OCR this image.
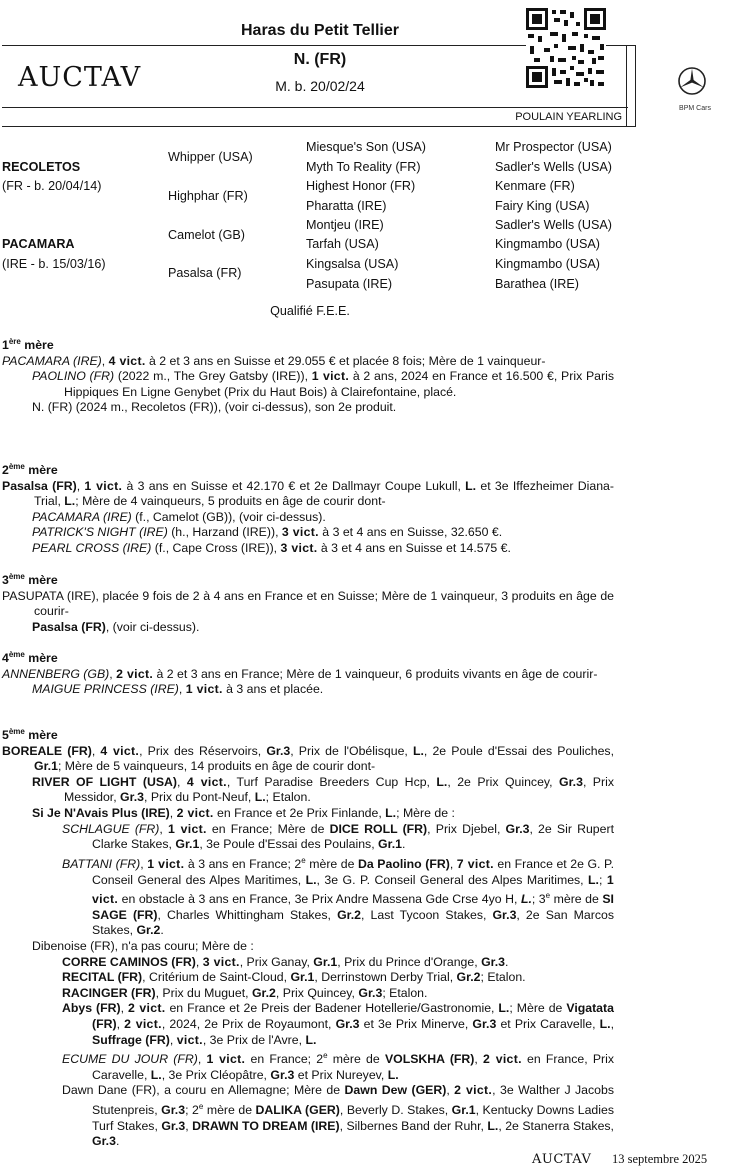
Haras du Petit Tellier
N. (FR)
M. b. 20/02/24
AUCTAV
POULAIN YEARLING
BPM Cars
RECOLETOS
(FR - b. 20/04/14)
PACAMARA
(IRE - b. 15/03/16)
Whipper (USA)
Highphar (FR)
Camelot (GB)
Pasalsa (FR)
Miesque's Son (USA)
Myth To Reality (FR)
Highest Honor (FR)
Pharatta (IRE)
Montjeu (IRE)
Tarfah (USA)
Kingsalsa (USA)
Pasupata (IRE)
Mr Prospector (USA)
Sadler's Wells (USA)
Kenmare (FR)
Fairy King (USA)
Sadler's Wells (USA)
Kingmambo (USA)
Kingmambo (USA)
Barathea (IRE)
Qualifié F.E.E.
1ère mère

PACAMARA (IRE), 4 vict. à 2 et 3 ans en Suisse et 29.055 € et placée 8 fois; Mère de 1 vainqueur-

PAOLINO (FR) (2022 m., The Grey Gatsby (IRE)), 1 vict. à 2 ans, 2024 en France et 16.500 €, Prix Paris Hippiques En Ligne Genybet (Prix du Haut Bois) à Clairefontaine, placé.

N. (FR) (2024 m., Recoletos (FR)), (voir ci-dessus), son 2e produit.

2ème mère

Pasalsa (FR), 1 vict. à 3 ans en Suisse et 42.170 € et 2e Dallmayr Coupe Lukull, L. et 3e Iffezheimer Diana-Trial, L.; Mère de 4 vainqueurs, 5 produits en âge de courir dont-

PACAMARA (IRE) (f., Camelot (GB)), (voir ci-dessus).

PATRICK'S NIGHT (IRE) (h., Harzand (IRE)), 3 vict. à 3 et 4 ans en Suisse, 32.650 €.

PEARL CROSS (IRE) (f., Cape Cross (IRE)), 3 vict. à 3 et 4 ans en Suisse et 14.575 €.

3ème mère

PASUPATA (IRE), placée 9 fois de 2 à 4 ans en France et en Suisse; Mère de 1 vainqueur, 3 produits en âge de courir-

Pasalsa (FR), (voir ci-dessus).

4ème mère

ANNENBERG (GB), 2 vict. à 2 et 3 ans en France; Mère de 1 vainqueur, 6 produits vivants en âge de courir-

MAIGUE PRINCESS (IRE), 1 vict. à 3 ans et placée.

5ème mère

BOREALE (FR), 4 vict., Prix des Réservoirs, Gr.3, Prix de l'Obélisque, L., 2e Poule d'Essai des Pouliches, Gr.1; Mère de 5 vainqueurs, 14 produits en âge de courir dont-

RIVER OF LIGHT (USA), 4 vict., Turf Paradise Breeders Cup Hcp, L., 2e Prix Quincey, Gr.3, Prix Messidor, Gr.3, Prix du Pont-Neuf, L.; Etalon.

Si Je N'Avais Plus (IRE), 2 vict. en France et 2e Prix Finlande, L.; Mère de :

SCHLAGUE (FR), 1 vict. en France; Mère de DICE ROLL (FR), Prix Djebel, Gr.3, 2e Sir Rupert Clarke Stakes, Gr.1, 3e Poule d'Essai des Poulains, Gr.1.

BATTANI (FR), 1 vict. à 3 ans en France; 2e mère de Da Paolino (FR), 7 vict. en France et 2e G. P. Conseil General des Alpes Maritimes, L., 3e G. P. Conseil General des Alpes Maritimes, L.; 1 vict. en obstacle à 3 ans en France, 3e Prix Andre Massena Gde Crse 4yo H, L.; 3e mère de SI SAGE (FR), Charles Whittingham Stakes, Gr.2, Last Tycoon Stakes, Gr.3, 2e San Marcos Stakes, Gr.2.

Dibenoise (FR), n'a pas couru; Mère de :

CORRE CAMINOS (FR), 3 vict., Prix Ganay, Gr.1, Prix du Prince d'Orange, Gr.3.

RECITAL (FR), Critérium de Saint-Cloud, Gr.1, Derrinstown Derby Trial, Gr.2; Etalon.

RACINGER (FR), Prix du Muguet, Gr.2, Prix Quincey, Gr.3; Etalon.

Abys (FR), 2 vict. en France et 2e Preis der Badener Hotellerie/Gastronomie, L.; Mère de Vigatata (FR), 2 vict., 2024, 2e Prix de Royaumont, Gr.3 et 3e Prix Minerve, Gr.3 et Prix Caravelle, L., Suffrage (FR), vict., 3e Prix de l'Avre, L.

ECUME DU JOUR (FR), 1 vict. en France; 2e mère de VOLSKHA (FR), 2 vict. en France, Prix Caravelle, L., 3e Prix Cléopâtre, Gr.3 et Prix Nureyev, L.

Dawn Dane (FR), a couru en Allemagne; Mère de Dawn Dew (GER), 2 vict., 3e Walther J Jacobs Stutenpreis, Gr.3; 2e mère de DALIKA (GER), Beverly D. Stakes, Gr.1, Kentucky Downs Ladies Turf Stakes, Gr.3, DRAWN TO DREAM (IRE), Silbernes Band der Ruhr, L., 2e Stanerra Stakes, Gr.3.

AUCTAV 13 septembre 2025
